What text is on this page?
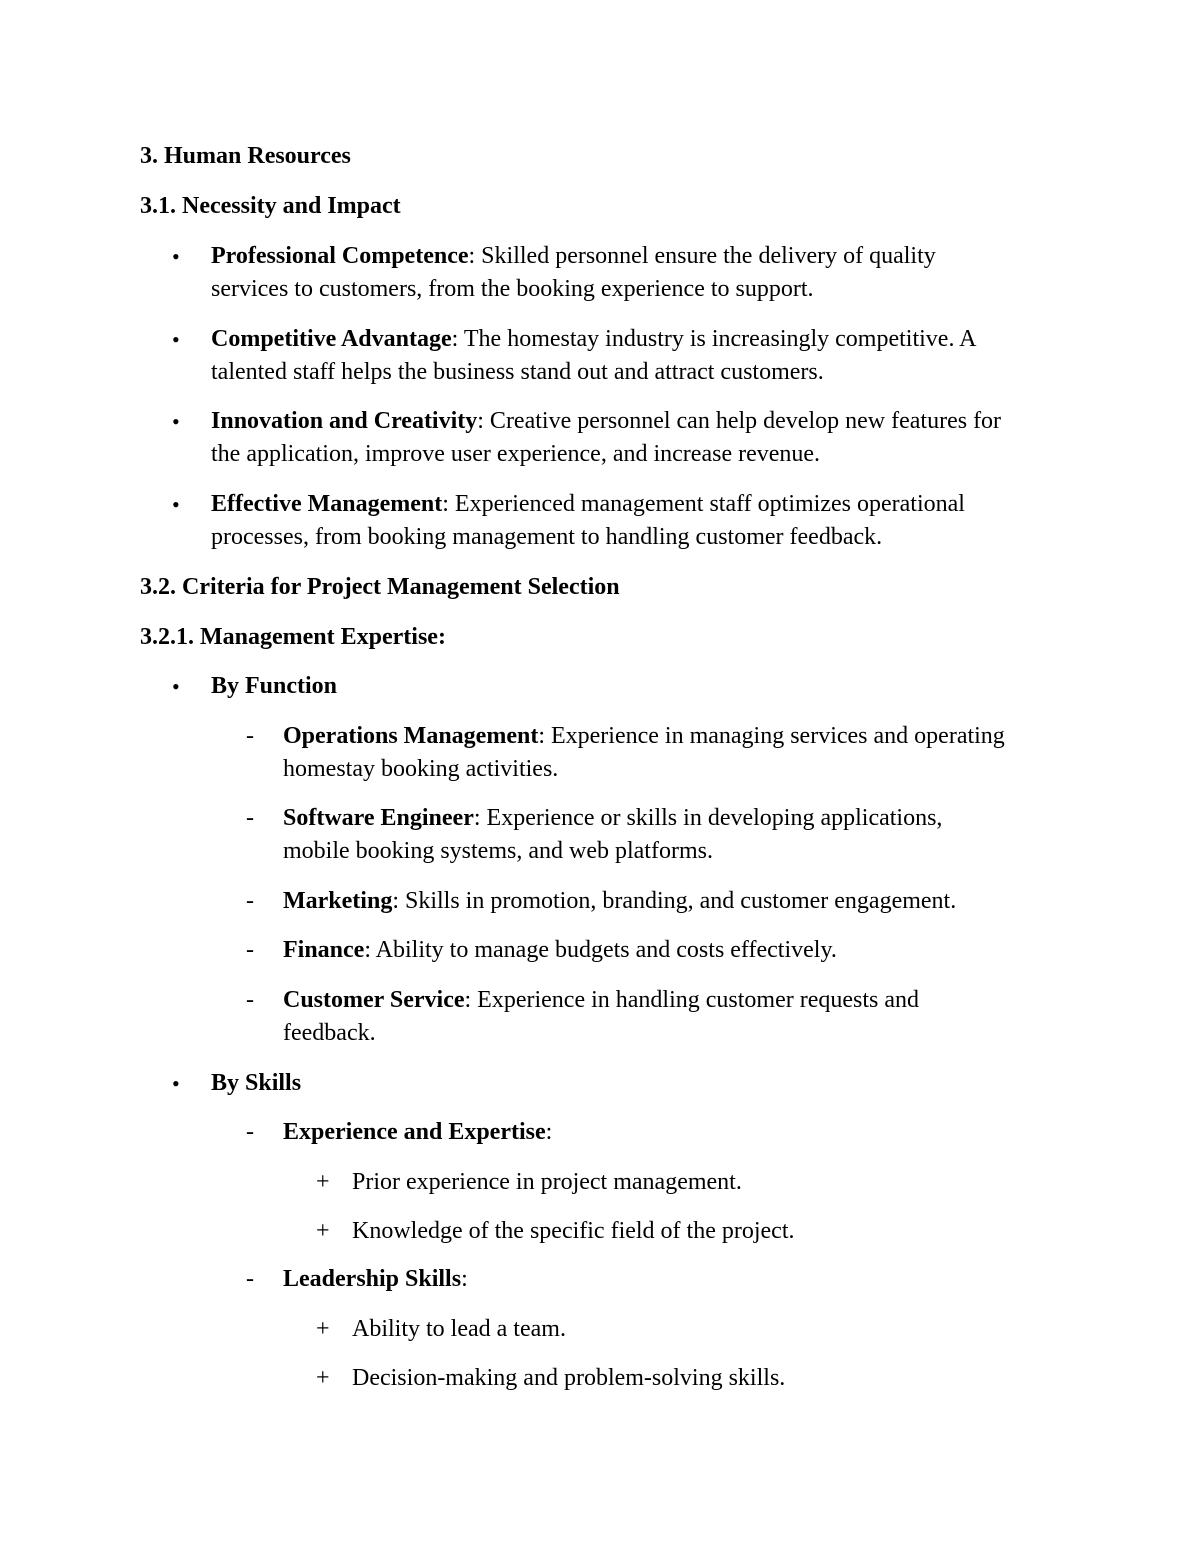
3. Human Resources
3.1. Necessity and Impact
• Professional Competence: Skilled personnel ensure the delivery of quality
services to customers, from the booking experience to support.
• Competitive Advantage: The homestay industry is increasingly competitive. A
talented staff helps the business stand out and attract customers.
• Innovation and Creativity: Creative personnel can help develop new features for
the application, improve user experience, and increase revenue.
• Effective Management: Experienced management staff optimizes operational
processes, from booking management to handling customer feedback.
3.2. Criteria for Project Management Selection
3.2.1. Management Expertise:
• By Function
- Operations Management: Experience in managing services and operating
homestay booking activities.
- Software Engineer: Experience or skills in developing applications,
mobile booking systems, and web platforms.
- Marketing: Skills in promotion, branding, and customer engagement.
- Finance: Ability to manage budgets and costs effectively.
- Customer Service: Experience in handling customer requests and
feedback.
• By Skills
- Experience and Expertise:
+ Prior experience in project management.
+ Knowledge of the specific field of the project.
- Leadership Skills:
+ Ability to lead a team.
+ Decision-making and problem-solving skills.
